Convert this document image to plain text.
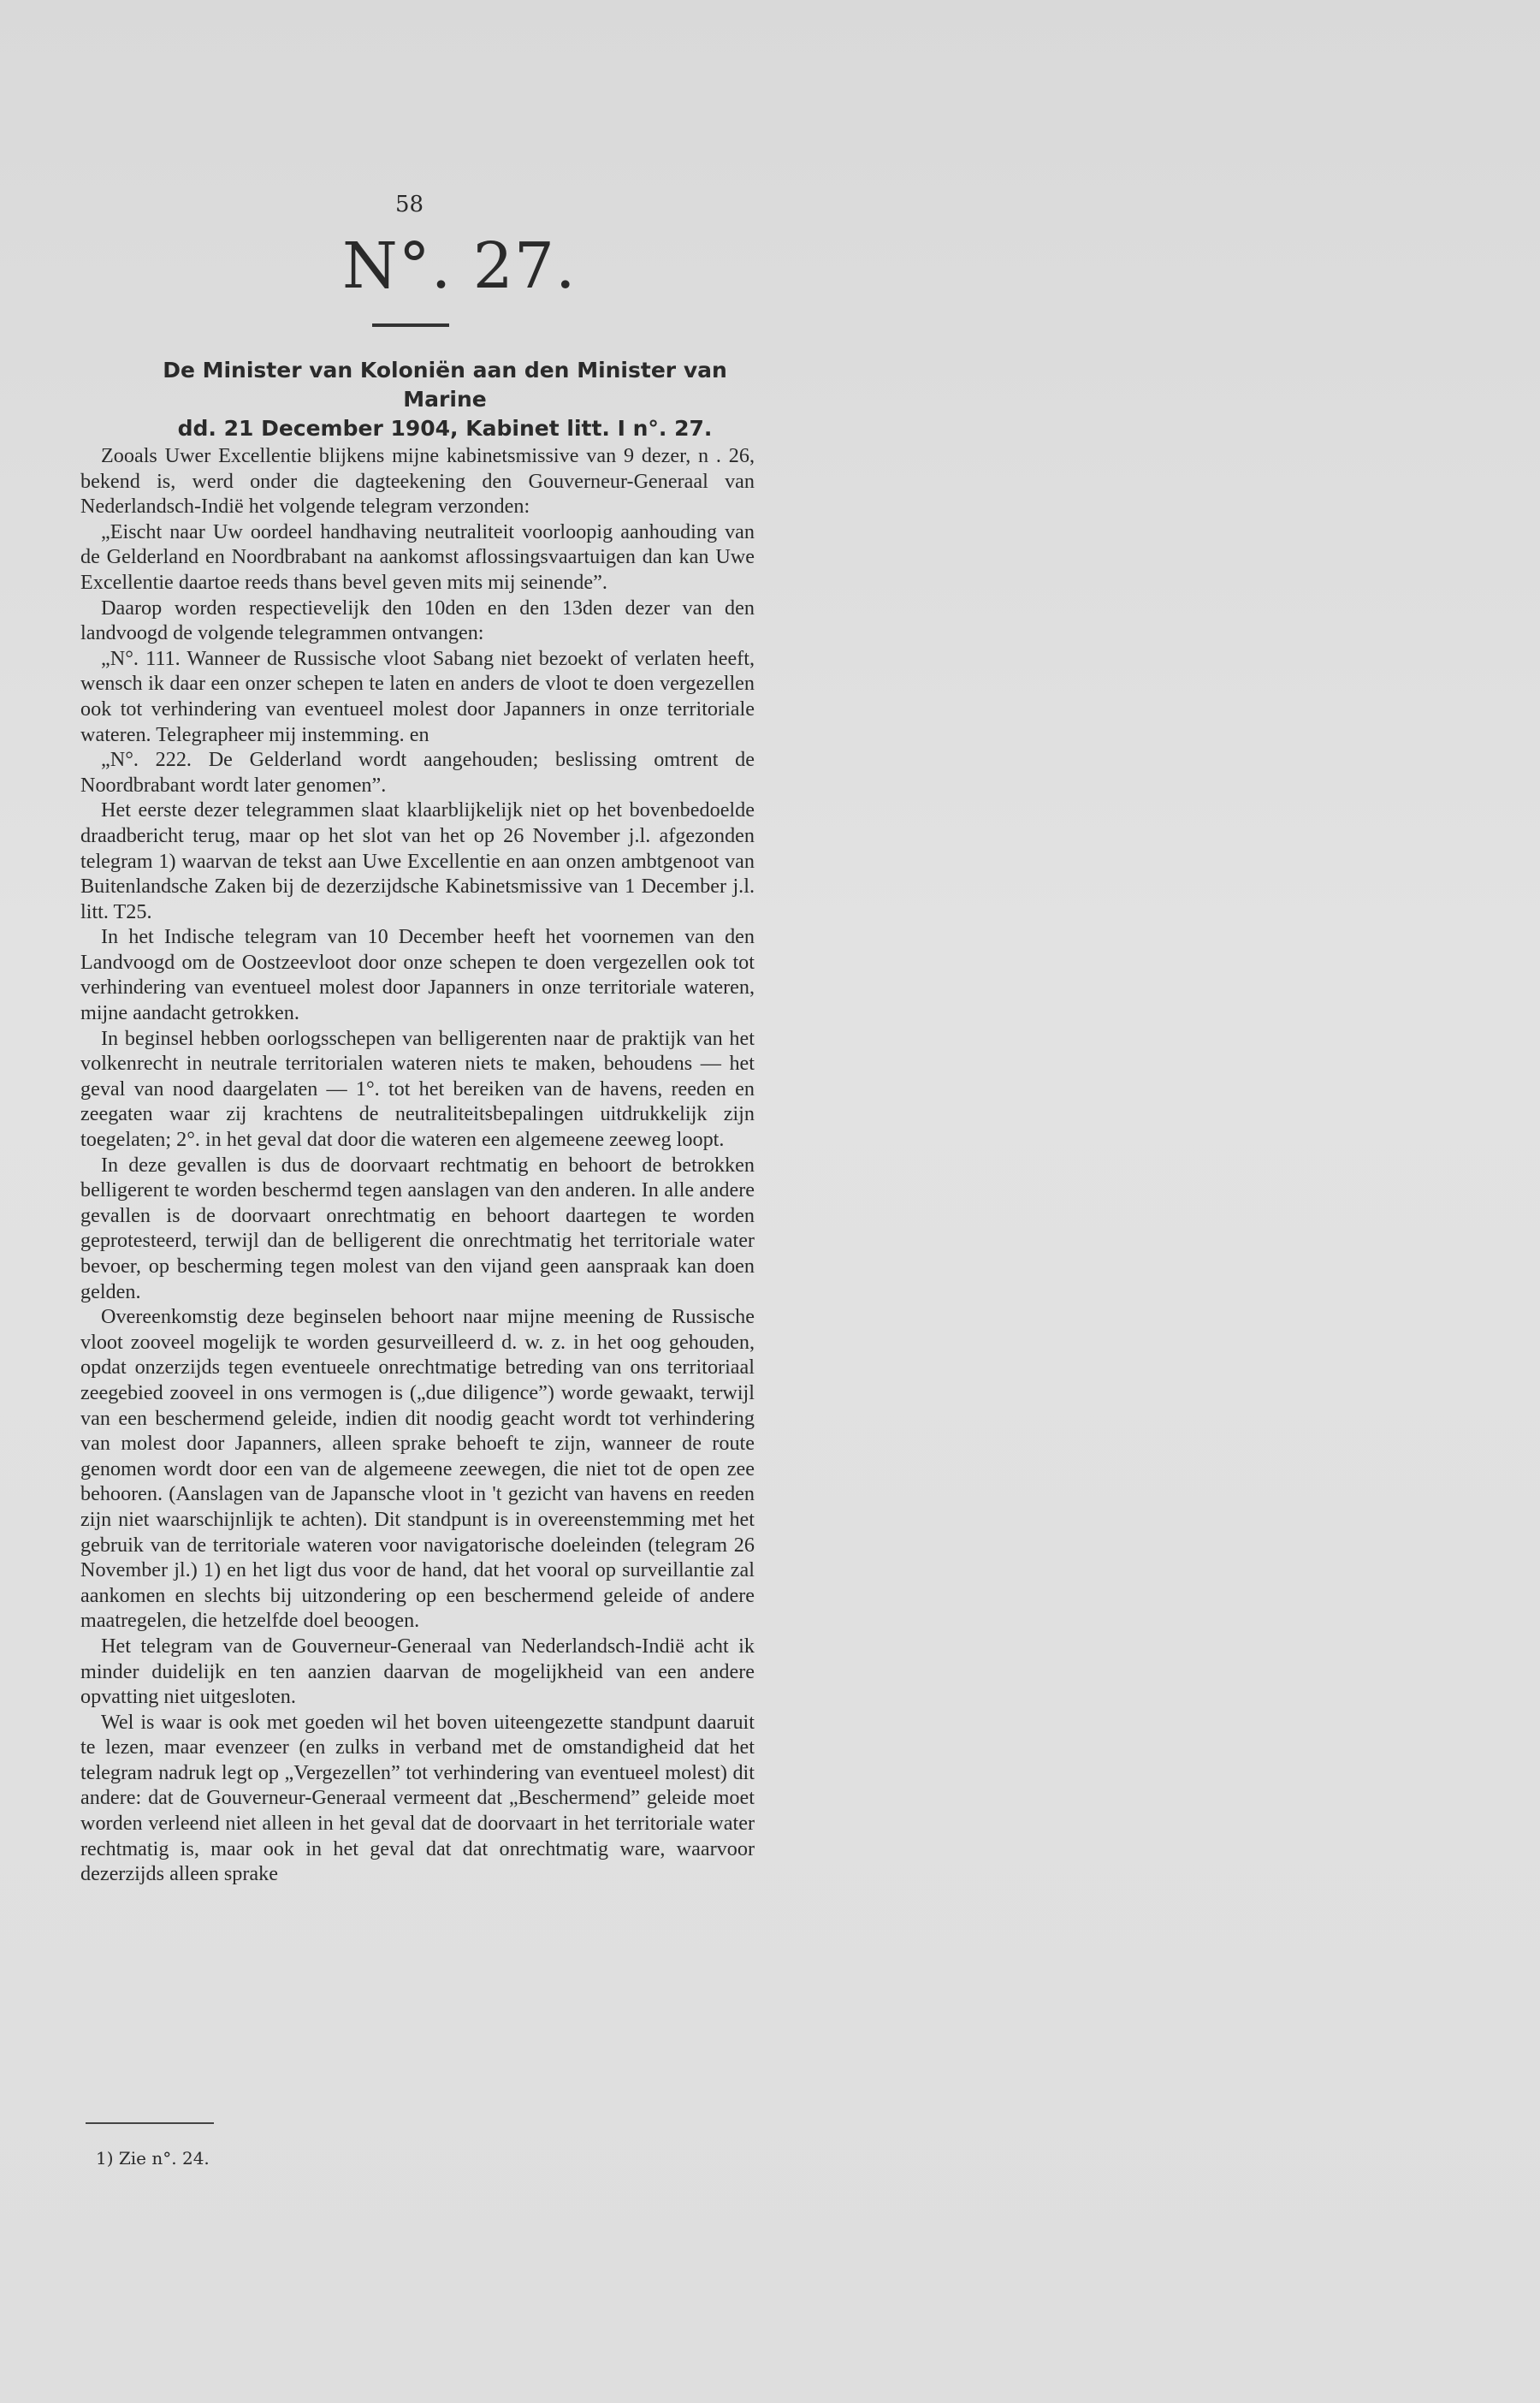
58
N°. 27.
De Minister van Koloniën aan den Minister van Marine
dd. 21 December 1904, Kabinet litt. I n°. 27.

Zooals Uwer Excellentie blijkens mijne kabinetsmissive van 9 dezer, n . 26, bekend is, werd onder die dagteekening den Gouverneur-Generaal van Nederlandsch-Indië het volgende telegram verzonden:

„Eischt naar Uw oordeel handhaving neutraliteit voorloopig aanhouding van de Gelderland en Noordbrabant na aankomst aflossingsvaartuigen dan kan Uwe Excellentie daartoe reeds thans bevel geven mits mij seinende”.

Daarop worden respectievelijk den 10den en den 13den dezer van den landvoogd de volgende telegrammen ontvangen:

„N°. 111. Wanneer de Russische vloot Sabang niet bezoekt of verlaten heeft, wensch ik daar een onzer schepen te laten en anders de vloot te doen vergezellen ook tot verhindering van eventueel molest door Japanners in onze territoriale wateren. Telegrapheer mij instemming. en

„N°. 222. De Gelderland wordt aangehouden; beslissing omtrent de Noordbrabant wordt later genomen”.

Het eerste dezer telegrammen slaat klaarblijkelijk niet op het bovenbedoelde draadbericht terug, maar op het slot van het op 26 November j.l. afgezonden telegram 1) waarvan de tekst aan Uwe Excellentie en aan onzen ambtgenoot van Buitenlandsche Zaken bij de dezerzijdsche Kabinetsmissive van 1 December j.l. litt. T25.

In het Indische telegram van 10 December heeft het voornemen van den Landvoogd om de Oostzeevloot door onze schepen te doen vergezellen ook tot verhindering van eventueel molest door Japanners in onze territoriale wateren, mijne aandacht getrokken.

In beginsel hebben oorlogsschepen van belligerenten naar de praktijk van het volkenrecht in neutrale territorialen wateren niets te maken, behoudens — het geval van nood daargelaten — 1°. tot het bereiken van de havens, reeden en zeegaten waar zij krachtens de neutraliteitsbepalingen uitdrukkelijk zijn toegelaten; 2°. in het geval dat door die wateren een algemeene zeeweg loopt.

In deze gevallen is dus de doorvaart rechtmatig en behoort de betrokken belligerent te worden beschermd tegen aanslagen van den anderen. In alle andere gevallen is de doorvaart onrechtmatig en behoort daartegen te worden geprotesteerd, terwijl dan de belligerent die onrechtmatig het territoriale water bevoer, op bescherming tegen molest van den vijand geen aanspraak kan doen gelden.

Overeenkomstig deze beginselen behoort naar mijne meening de Russische vloot zooveel mogelijk te worden gesurveilleerd d. w. z. in het oog gehouden, opdat onzerzijds tegen eventueele onrechtmatige betreding van ons territoriaal zeegebied zooveel in ons vermogen is („due diligence”) worde gewaakt, terwijl van een beschermend geleide, indien dit noodig geacht wordt tot verhindering van molest door Japanners, alleen sprake behoeft te zijn, wanneer de route genomen wordt door een van de algemeene zeewegen, die niet tot de open zee behooren. (Aanslagen van de Japansche vloot in 't gezicht van havens en reeden zijn niet waarschijnlijk te achten). Dit standpunt is in overeenstemming met het gebruik van de territoriale wateren voor navigatorische doeleinden (telegram 26 November jl.) 1) en het ligt dus voor de hand, dat het vooral op surveillantie zal aankomen en slechts bij uitzondering op een beschermend geleide of andere maatregelen, die hetzelfde doel beoogen.

Het telegram van de Gouverneur-Generaal van Nederlandsch-Indië acht ik minder duidelijk en ten aanzien daarvan de mogelijkheid van een andere opvatting niet uitgesloten.

Wel is waar is ook met goeden wil het boven uiteengezette standpunt daaruit te lezen, maar evenzeer (en zulks in verband met de omstandigheid dat het telegram nadruk legt op „Vergezellen” tot verhindering van eventueel molest) dit andere: dat de Gouverneur-Generaal vermeent dat „Beschermend” geleide moet worden verleend niet alleen in het geval dat de doorvaart in het territoriale water rechtmatig is, maar ook in het geval dat dat onrechtmatig ware, waarvoor dezerzijds alleen sprake

1) Zie n°. 24.
